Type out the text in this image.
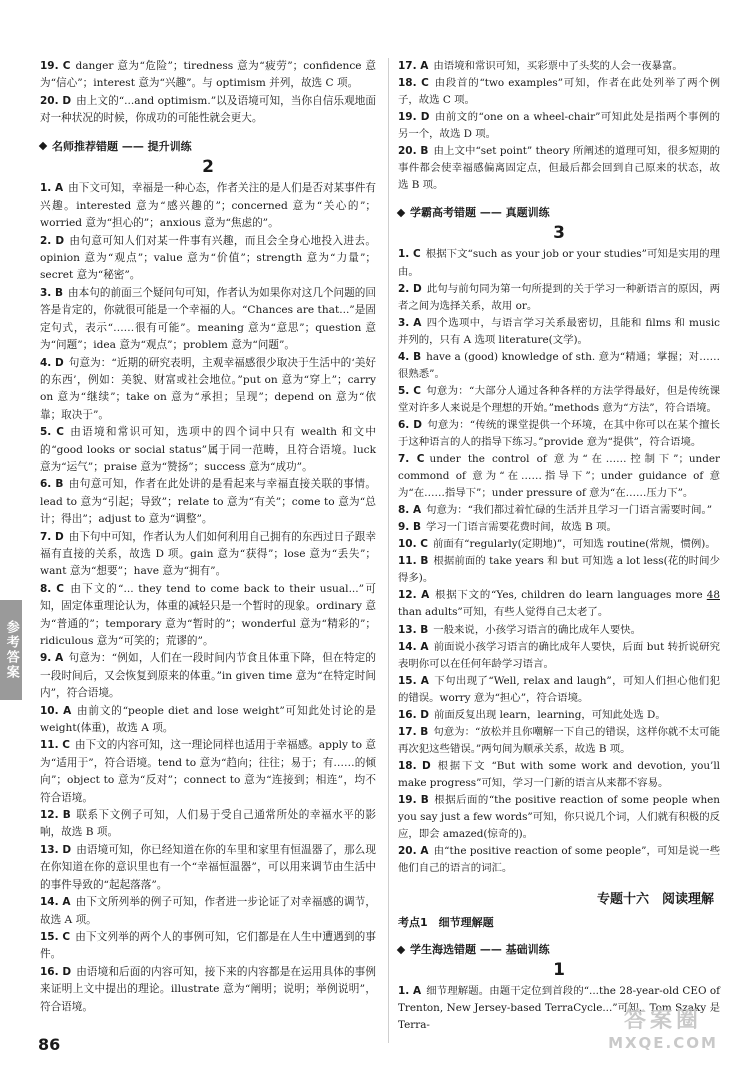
19. C danger 意为“危险”；tiredness 意为“疲劳”；confidence 意为“信心”；interest 意为“兴趣”。与 optimism 并列，故选 C 项。

20. D 由上文的“...and optimism.”以及语境可知，当你自信乐观地面对一种状况的时候，你成功的可能性就会更大。

名师推荐错题 —— 提升训练
2

1. A 由下文可知，幸福是一种心态，作者关注的是人们是否对某事件有兴趣。interested 意为“感兴趣的”；concerned 意为“关心的”；worried 意为“担心的”；anxious 意为“焦虑的”。

2. D 由句意可知人们对某一件事有兴趣，而且会全身心地投入进去。opinion 意为“观点”；value 意为“价值”；strength 意为“力量”；secret 意为“秘密”。

3. B 由本句的前面三个疑问句可知，作者认为如果你对这几个问题的回答是肯定的，你就很可能是一个幸福的人。“Chances are that...”是固定句式，表示“……很有可能”。meaning 意为“意思”；question 意为“问题”；idea 意为“观点”；problem 意为“问题”。

4. D 句意为：“近期的研究表明，主观幸福感很少取决于生活中的‘美好的东西’，例如：美貌、财富或社会地位。”put on 意为“穿上”；carry on 意为“继续”；take on 意为“承担；呈现”；depend on 意为“依靠；取决于”。

5. C 由语境和常识可知，选项中的四个词中只有 wealth 和文中的“good looks or social status”属于同一范畴，且符合语境。luck 意为“运气”；praise 意为“赞扬”；success 意为“成功”。

6. B 由句意可知，作者在此处讲的是看起来与幸福直接关联的事情。lead to 意为“引起；导致”；relate to 意为“有关”；come to 意为“总计；得出”；adjust to 意为“调整”。

7. D 由下句中可知，作者认为人们如何利用自己拥有的东西过日子跟幸福有直接的关系，故选 D 项。gain 意为“获得”；lose 意为“丢失”；want 意为“想要”；have 意为“拥有”。

8. C 由下文的“... they tend to come back to their usual...”可知，固定体重理论认为，体重的减轻只是一个暂时的现象。ordinary 意为“普通的”；temporary 意为“暂时的”；wonderful 意为“精彩的”；ridiculous 意为“可笑的；荒谬的”。

9. A 句意为：“例如，人们在一段时间内节食且体重下降，但在特定的一段时间后，又会恢复到原来的体重。”in given time 意为“在特定时间内”，符合语境。

10. A 由前文的“people diet and lose weight”可知此处讨论的是 weight(体重)，故选 A 项。

11. C 由下文的内容可知，这一理论同样也适用于幸福感。apply to 意为“适用于”，符合语境。tend to 意为“趋向；往往；易于；有……的倾向”；object to 意为“反对”；connect to 意为“连接到；相连”，均不符合语境。

12. B 联系下文例子可知，人们易于受自己通常所处的幸福水平的影响，故选 B 项。

13. D 由语境可知，你已经知道在你的车里和家里有恒温器了，那么现在你知道在你的意识里也有一个“幸福恒温器”，可以用来调节由生活中的事件导致的“起起落落”。

14. A 由下文所列举的例子可知，作者进一步论证了对幸福感的调节，故选 A 项。

15. C 由下文列举的两个人的事例可知，它们都是在人生中遭遇到的事件。

16. D 由语境和后面的内容可知，接下来的内容都是在运用具体的事例来证明上文中提出的理论。illustrate 意为“阐明；说明；举例说明”，符合语境。

17. A 由语境和常识可知，买彩票中了头奖的人会一夜暴富。

18. C 由段首的“two examples”可知，作者在此处列举了两个例子，故选 C 项。

19. D 由前文的“one on a wheel-chair”可知此处是指两个事例的另一个，故选 D 项。

20. B 由上文中“set point” theory 所阐述的道理可知，很多短期的事件都会使幸福感偏离固定点，但最后都会回到自己原来的状态，故选 B 项。

学霸高考错题 —— 真题训练
3

1. C 根据下文“such as your job or your studies”可知是实用的理由。

2. D 此句与前句同为第一句所提到的关于学习一种新语言的原因，两者之间为选择关系，故用 or。

3. A 四个选项中，与语言学习关系最密切，且能和 films 和 music 并列的，只有 A 选项 literature(文学)。

4. B have a (good) knowledge of sth. 意为“精通；掌握；对……很熟悉”。

5. C 句意为：“大部分人通过各种各样的方法学得最好，但是传统课堂对许多人来说是个理想的开始。”methods 意为“方法”，符合语境。

6. D 句意为：“传统的课堂提供一个环境，在其中你可以在某个擅长于这种语言的人的指导下练习。”provide 意为“提供”，符合语境。

7. C under the control of 意为“在……控制下”；under commond of 意为“在……指导下”；under guidance of 意为“在……指导下”；under pressure of 意为“在……压力下”。

8. A 句意为：“我们都过着忙碌的生活并且学习一门语言需要时间。”

9. B 学习一门语言需要花费时间，故选 B 项。

10. C 前面有“regularly(定期地)”，可知选 routine(常规，惯例)。

11. B 根据前面的 take years 和 but 可知选 a lot less(花的时间少得多)。

12. A 根据下文的“Yes, children do learn languages more 48 than adults”可知，有些人觉得自己太老了。

13. B 一般来说，小孩学习语言的确比成年人要快。

14. A 前面说小孩学习语言的确比成年人要快，后面 but 转折说研究表明你可以在任何年龄学习语言。

15. A 下句出现了“Well, relax and laugh”，可知人们担心他们犯的错误。worry 意为“担心”，符合语境。

16. D 前面反复出现 learn，learning，可知此处选 D。

17. B 句意为：“放松并且你嘲解一下自己的错误，这样你就不太可能再次犯这些错误。”两句间为顺承关系，故选 B 项。

18. D 根据下文 “But with some work and devotion, you’ll make progress”可知，学习一门新的语言从来都不容易。

19. B 根据后面的“the positive reaction of some people when you say just a few words”可知，你只说几个词，人们就有积极的反应，即会 amazed(惊奇的)。

20. A 由“the positive reaction of some people”，可知是说一些他们自己的语言的词汇。

专题十六　阅读理解
考点1　细节理解题
学生海选错题 —— 基础训练
1

1. A 细节理解题。由题干定位到首段的“...the 28-year-old CEO of Trenton, New Jersey-based TerraCycle...”可知，Tom Szaky 是 Terra-

参考答案
86
答案圈
MXQE.COM
